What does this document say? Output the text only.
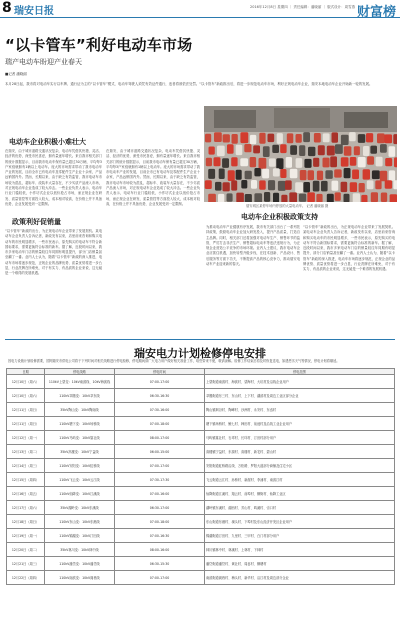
8 瑞安日报	2016年12月8日 星期四 ｜ 责任编辑：潘晓丽 ｜ 版式设计：周雪燕 财富榜
“以卡管车”利好电动车市场
瑞产电动车盼迎产业春天
■记者 潘晓丽

本月28日起，我市将对电动车实行以车牌、通行证为主的“以卡管车”模式，电动车驾驶人须凭有效证件通行，违者将被依法处罚。“以卡管车”新政推出后，将进一步规范电动车市场，利好正规电动车企业，瑞安本地电动车企业开始新一轮的发展。

瑞安城区某停车场内停放的大量电动车。 记者 潘晓丽 摄
电动车企业积极小难壮大
在瑞安，由于城市道路交通状况复杂，电动车凭借其快捷、灵活、经济的优势，深受市民喜爱，拥有量逐年增长。来自我市相关部门的统计数据显示，目前我市电动车保有量已超过30万辆，平均每3户家庭就拥有1辆以上电动车。庞大的市场需求带动了我市电动车产业的发展，目前全市已有电动车及零配件生产企业十余家，产品远销国内外。然而，长期以来，由于缺乏有效监管，我市电动车市场较为混乱，超标车、改装车大量存在，不少劣质产品流入市场，对正规电动车企业造成了较大冲击。一些企业负责人表示，电动车行业门槛较低，小作坊式企业以低价抢占市场，而正规企业在研发、质量管控等方面投入较大，成本相对较高，在价格上并不具备优势，企业发展受到一定限制。
在瑞安，由于城市道路交通状况复杂，电动车凭借其快捷、灵活、经济的优势，深受市民喜爱，拥有量逐年增长。来自我市相关部门的统计数据显示，目前我市电动车保有量已超过30万辆，平均每3户家庭就拥有1辆以上电动车。庞大的市场需求带动了我市电动车产业的发展，目前全市已有电动车及零配件生产企业十余家，产品远销国内外。然而，长期以来，由于缺乏有效监管，我市电动车市场较为混乱，超标车、改装车大量存在，不少劣质产品流入市场，对正规电动车企业造成了较大冲击。一些企业负责人表示，电动车行业门槛较低，小作坊式企业以低价抢占市场，而正规企业在研发、质量管控等方面投入较大，成本相对较高，在价格上并不具备优势，企业发展受到一定限制。
政策利好促销量
“以卡管车”新政的出台，为正规电动车企业带来了发展契机。某电动车企业负责人告诉记者，新政发布以来，店里前来咨询和购买电动车的市民明显增多，一些市民表示，原先购买的电动车不符合新国标要求，需要更换符合标准的新车。据了解，近段时间以来，我市多家电动车门店的销量较往年同期有明显提升，部分门店销量甚至翻了一番。业内人士认为，随着“以卡管车”新政的深入推进，电动车市场将逐步规范，正规企业的品牌优势、质量优势将进一步凸显，行业洗牌在所难免，对于有实力、有品质的企业来说，这无疑是一个难得的发展机遇。
电动车企业积极政策支持
为推动电动车产业健康有序发展，我市有关部门出台了一系列扶持政策，鼓励电动车企业加大研发投入，提升产品质量，打造自主品牌。同时，相关部门还将加强对电动车生产、销售环节的监管，严厉打击非法生产、销售超标电动车等违法违规行为，为正规企业营造公平竞争的市场环境。业内人士建议，我市电动车企业应抓住机遇，加快转型升级步伐，在技术创新、产品设计、售后服务等方面下功夫，不断提高产品的核心竞争力，推动瑞安电动车产业迎来新的春天。
“以卡管车”新政的出台，为正规电动车企业带来了发展契机。某电动车企业负责人告诉记者，新政发布以来，店里前来咨询和购买电动车的市民明显增多，一些市民表示，原先购买的电动车不符合新国标要求，需要更换符合标准的新车。据了解，近段时间以来，我市多家电动车门店的销量较往年同期有明显提升，部分门店销量甚至翻了一番。业内人士认为，随着“以卡管车”新政的深入推进，电动车市场将逐步规范，正规企业的品牌优势、质量优势将进一步凸显，行业洗牌在所难免，对于有实力、有品质的企业来说，这无疑是一个难得的发展机遇。
瑞安电力计划检修停电安排

因电力设施计划检修需要，国网瑞安市供电公司将于下列时间对相关线路进行停电检修，停电期间请广大电力用户做好相关准备工作，给您带来不便，敬请谅解。检修工作结束后将及时恢复送电，如遇恶劣天气等情况，停电计划将顺延。

日期	停电线路	停电时间	停电范围
12月10日（周六）	110kV上望变：10kV南滨线、10kV海滨线	07:00-17:00	上望街道南滨村、海滨村、望海村、大坑村及沿线企业用户
12月10日（周六）	110kV莘塍变：10kV莘东线	06:30-16:30	莘塍街道东三村、东山村、上下村、湖滨村及周边工业区部分企业
12月11日（周日）	35kV陶山变：10kV陶南线	07:30-16:00	陶山镇荆谷村、陶峰村、沙洲村、永安村、东岙村
12月11日（周日）	110kV塘下变：10kV场桥线	07:00-18:00	塘下镇场桥村、鲍七村、韩田村、前池村及沿线工业企业用户
12月12日（周一）	110kV马屿变：10kV篁社线	08:00-17:00	马屿镇篁社村、石垟村、长垟村、汀田村部分用户
12月13日（周二）	35kV高楼变：10kV宁益线	06:00-15:00	高楼镇宁益村、东源村、高楼村、新宅村、碧山村
12月14日（周三）	110kV安阳变：10kV虹桥线	07:00-17:00	安阳街道虹桥路沿线、万松路、罗阳大道部分商铺及住宅小区
12月15日（周四）	110kV飞云变：10kV云江线	07:30-17:30	飞云街道云江村、孙桥村、新渥村、李浦村、南滨江村
12月16日（周五）	110kV仙降变：10kV江溪线	07:00-16:00	仙降街道江溪村、翔云村、前埠村、横街村、仙降工业区
12月17日（周六）	35kV湖岭变：10kV东溪线	06:30-17:00	湖岭镇东溪村、湖西村、芳山村、鸣溪村、峃口村
12月18日（周日）	110kV东山变：10kV东港线	07:00-18:00	东山街道东港村、埭头村、下埠村及东山经济开发区企业用户
12月19日（周一）	110kV锦湖变：10kV汀田线	07:00-16:30	锦湖街道汀田村、九里村、三甲村、白门村部分用户
12月20日（周二）	35kV林川变：10kV林中线	08:00-16:00	林川镇林中村、林溪村、上林村、下林村
12月21日（周三）	110kV潘岱变：10kV潘岱线	06:30-15:30	潘岱街道潘岱村、黄社村、周岙村、横塘村
12月22日（周四）	110kV南滨变：10kV阁巷线	07:00-17:00	南滨街道阁巷村、梅头村、新华村、沿江村及周边部分企业
